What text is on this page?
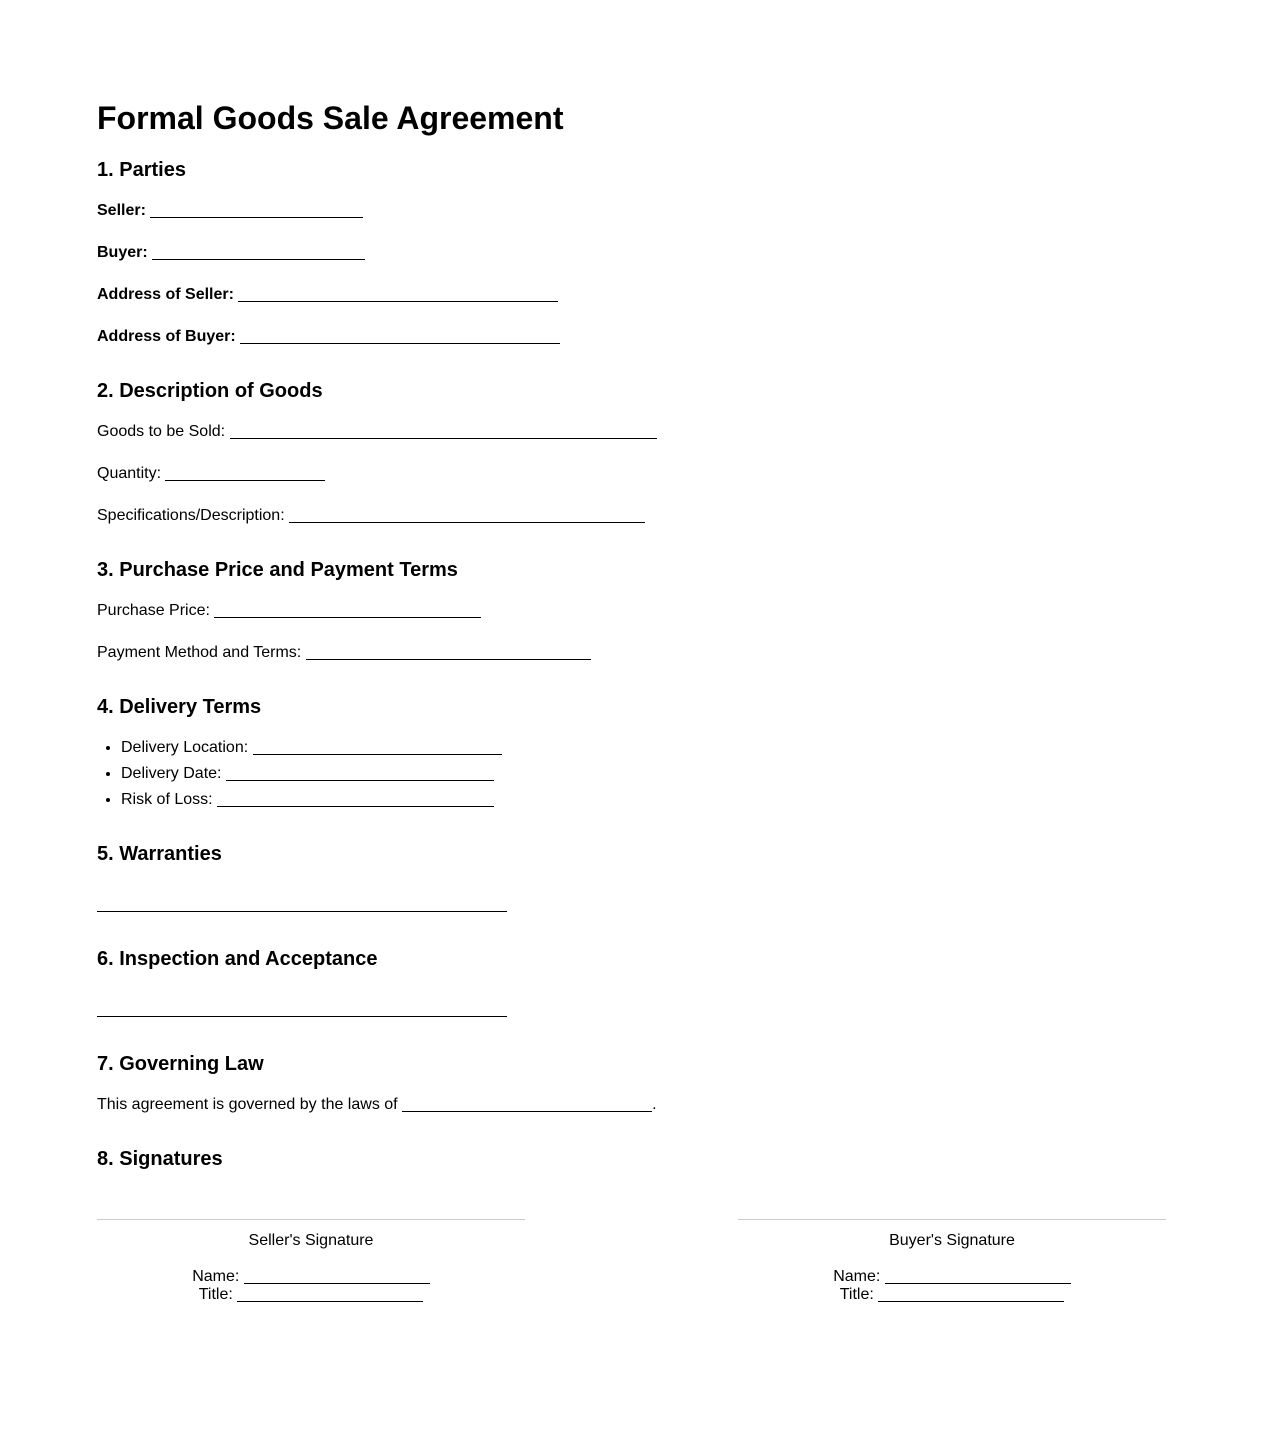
Formal Goods Sale Agreement
1. Parties

Seller:

Buyer:

Address of Seller:

Address of Buyer:

2. Description of Goods

Goods to be Sold:

Quantity:

Specifications/Description:

3. Purchase Price and Payment Terms

Purchase Price:

Payment Method and Terms:

4. Delivery Terms
• Delivery Location:
• Delivery Date:
• Risk of Loss:
5. Warranties

6. Inspection and Acceptance

7. Governing Law

This agreement is governed by the laws of	.

8. Signatures
Seller's Signature
Name:
Title:
Buyer's Signature
Name:
Title:
